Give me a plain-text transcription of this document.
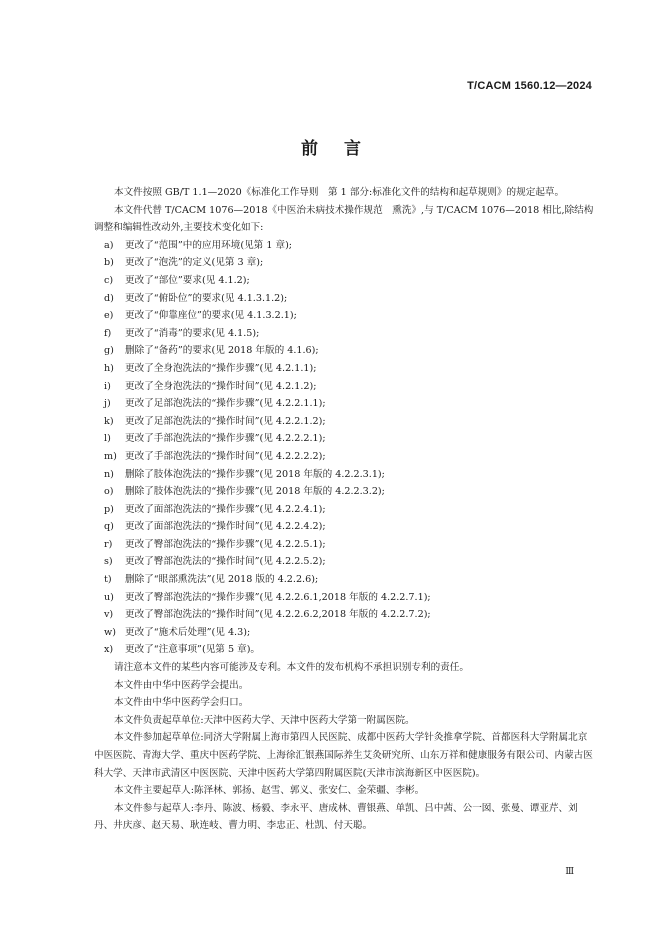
T/CACM 1560.12—2024
前言

本文件按照 GB/T 1.1—2020《标准化工作导则　第 1 部分:标准化文件的结构和起草规则》的规定起草。

本文件代替 T/CACM 1076—2018《中医治未病技术操作规范　熏洗》,与 T/CACM 1076—2018 相比,除结构调整和编辑性改动外,主要技术变化如下:

a) 更改了“范围”中的应用环境(见第 1 章);

b) 更改了“泡洗”的定义(见第 3 章);

c) 更改了“部位”要求(见 4.1.2);

d) 更改了“俯卧位”的要求(见 4.1.3.1.2);

e) 更改了“仰靠座位”的要求(见 4.1.3.2.1);

f) 更改了“消毒”的要求(见 4.1.5);

g) 删除了“备药”的要求(见 2018 年版的 4.1.6);

h) 更改了全身泡洗法的“操作步骤”(见 4.2.1.1);

i) 更改了全身泡洗法的“操作时间”(见 4.2.1.2);

j) 更改了足部泡洗法的“操作步骤”(见 4.2.2.1.1);

k) 更改了足部泡洗法的“操作时间”(见 4.2.2.1.2);

l) 更改了手部泡洗法的“操作步骤”(见 4.2.2.2.1);

m) 更改了手部泡洗法的“操作时间”(见 4.2.2.2.2);

n) 删除了肢体泡洗法的“操作步骤”(见 2018 年版的 4.2.2.3.1);

o) 删除了肢体泡洗法的“操作步骤”(见 2018 年版的 4.2.2.3.2);

p) 更改了面部泡洗法的“操作步骤”(见 4.2.2.4.1);

q) 更改了面部泡洗法的“操作时间”(见 4.2.2.4.2);

r) 更改了臀部泡洗法的“操作步骤”(见 4.2.2.5.1);

s) 更改了臀部泡洗法的“操作时间”(见 4.2.2.5.2);

t) 删除了“眼部熏洗法”(见 2018 版的 4.2.2.6);

u) 更改了臀部泡洗法的“操作步骤”(见 4.2.2.6.1,2018 年版的 4.2.2.7.1);

v) 更改了臀部泡洗法的“操作时间”(见 4.2.2.6.2,2018 年版的 4.2.2.7.2);

w) 更改了“施术后处理”(见 4.3);

x) 更改了“注意事项”(见第 5 章)。

请注意本文件的某些内容可能涉及专利。本文件的发布机构不承担识别专利的责任。

本文件由中华中医药学会提出。

本文件由中华中医药学会归口。

本文件负责起草单位:天津中医药大学、天津中医药大学第一附属医院。

本文件参加起草单位:同济大学附属上海市第四人民医院、成都中医药大学针灸推拿学院、首都医科大学附属北京中医医院、青海大学、重庆中医药学院、上海徐汇银燕国际养生艾灸研究所、山东万祥和健康服务有限公司、内蒙古医科大学、天津市武清区中医医院、天津中医药大学第四附属医院(天津市滨海新区中医医院)。

本文件主要起草人:陈泽林、郭扬、赵雪、郭义、张安仁、金荣疆、李彬。

本文件参与起草人:李丹、陈波、杨毅、李永平、唐成林、曹银燕、单凯、吕中茜、公一囡、张曼、谭亚芹、刘丹、井庆彦、赵天易、耿连岐、曹力明、李忠正、杜凯、付天聪。

Ⅲ
